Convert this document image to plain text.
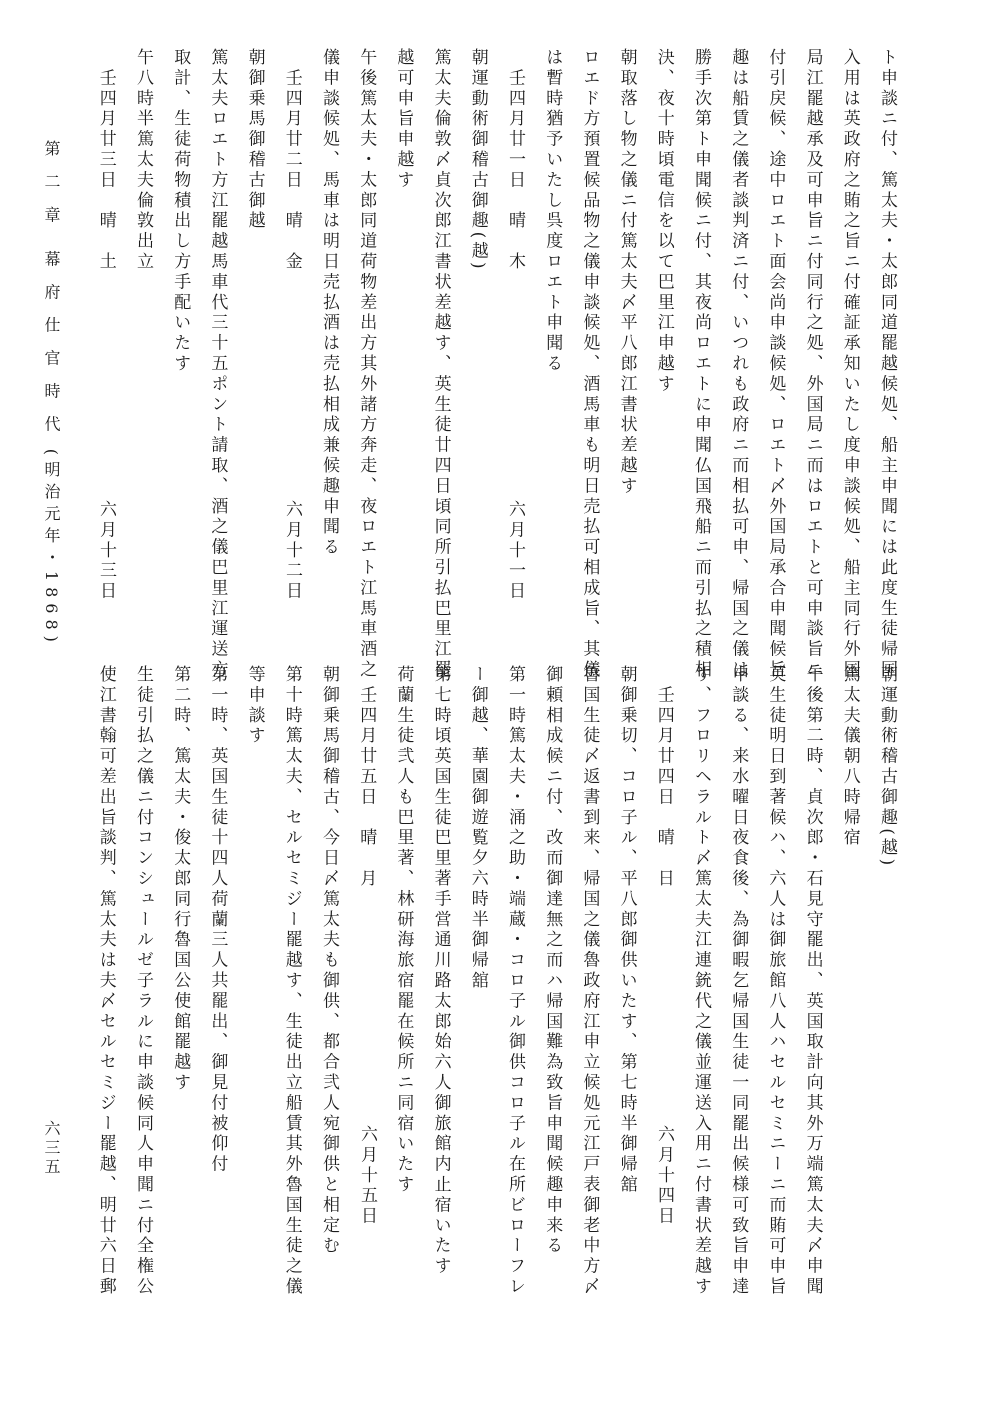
ト申談ニ付、篤太夫・太郎同道罷越候処、船主申聞には此度生徒帰国
入用は英政府之賄之旨ニ付確証承知いたし度申談候処、船主同行外国
局江罷越承及可申旨ニ付同行之処、外国局ニ而はロエトと可申談旨ニ
付引戻候、途中ロエト面会尚申談候処、ロエト〆外国局承合申聞候旨
趣は船賃之儀者談判済ニ付、いつれも政府ニ而相払可申、帰国之儀は
勝手次第ト申聞候ニ付、其夜尚ロエトに申聞仏国飛船ニ而引払之積相
決、夜十時頃電信を以て巴里江申越す
朝取落し物之儀ニ付篤太夫〆平八郎江書状差越す
ロエド方預置候品物之儀申談候処、酒馬車も明日売払可相成旨、其儀
は暫時猶予いたし呉度ロエト申聞る
　壬四月廿一日　晴　木
朝運動術御稽古御趣(越)
篤太夫倫敦〆貞次郎江書状差越す、英生徒廿四日頃同所引払巴里江罷
越可申旨申越す
午後篤太夫・太郎同道荷物差出方其外諸方奔走、夜ロエト江馬車酒之
儀申談候処、馬車は明日売払酒は売払相成兼候趣申聞る
　壬四月廿二日　晴　金
朝御乗馬御稽古御越
篤太夫ロエト方江罷越馬車代三十五ポント請取、酒之儀巴里江運送方
取計、生徒荷物積出し方手配いたす
午八時半篤太夫倫敦出立
　壬四月廿三日　晴　土
六月十一日
六月十二日
六月十三日
朝運動術稽古御趣(越)
篤太夫儀朝八時帰宿
午後第二時、貞次郎・石見守罷出、英国取計向其外万端篤太夫〆申聞
英生徒明日到著候ハ、六人は御旅館八人ハセルセミニーニ而賄可申旨
申談る、来水曜日夜食後、為御暇乞帰国生徒一同罷出候様可致旨申達
す、フロリヘラルト〆篤太夫江連銃代之儀並運送入用ニ付書状差越す
　壬四月廿四日　晴　日
朝御乗切、コロ子ル、平八郎御供いたす、第七時半御帰舘
魯国生徒〆返書到来、帰国之儀魯政府江申立候処元江戸表御老中方〆
御頼相成候ニ付、改而御達無之而ハ帰国難為致旨申聞候趣申来る
第一時篤太夫・涌之助・端蔵・コロ子ル御供コロ子ル在所ビローフレ
ー御越、華園御遊覧夕六時半御帰舘
第七時頃英国生徒巴里著手営通川路太郎始六人御旅館内止宿いたす
荷蘭生徒弐人も巴里著、林研海旅宿罷在候所ニ同宿いたす
　壬四月廿五日　晴　月
朝御乗馬御稽古、今日〆篤太夫も御供、都合弐人宛御供と相定む
第十時篤太夫、セルセミジー罷越す、生徒出立船賃其外魯国生徒之儀
等申談す
第一時、英国生徒十四人荷蘭三人共罷出、御見付被仰付
第二時、篤太夫・俊太郎同行魯国公使館罷越す
生徒引払之儀ニ付コンシュールゼ子ラルに申談候同人申聞ニ付全権公
使江書翰可差出旨談判、篤太夫は夫〆セルセミジー罷越、明廿六日郵	六月十四日
六月十五日
第 二 章　幕 府 仕 官 時 代 (明治元年・1868)
六三五
